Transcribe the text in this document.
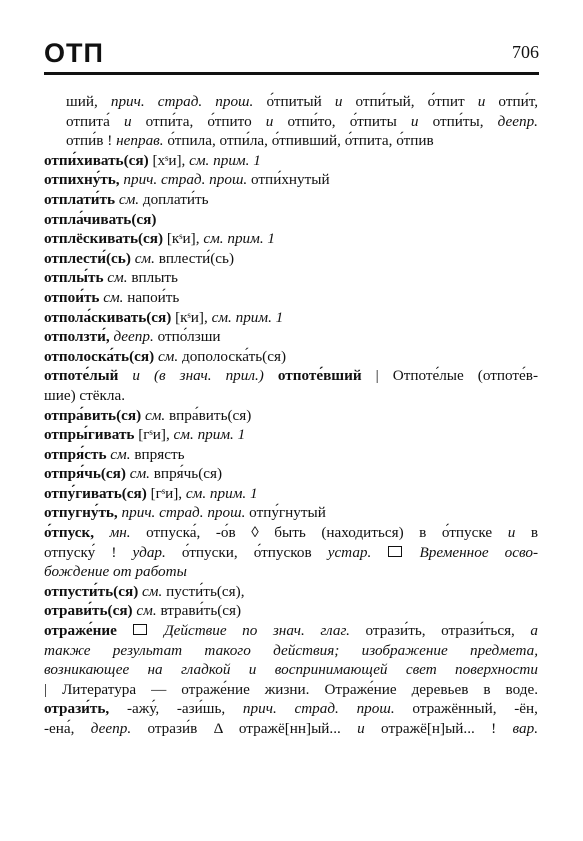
ОТП	706
ший, прич. страд. прош. о́тпитый и отпи́тый, о́тпит и отпи́т,
отпита́ и отпи́та, о́тпито и отпи́то, о́тпиты и отпи́ты, деепр.
отпи́в ! неправ. о́тпила, отпи́ла, о́тпивший, о́тпита, о́тпив
отпи́хивать(ся) [хˢи], см. прим. 1
отпихну́ть, прич. страд. прош. отпи́хнутый
отплати́ть см. доплати́ть
отпла́чивать(ся)
отплёскивать(ся) [кˢи], см. прим. 1
отплести́(сь) см. вплести́(сь)
отплы́ть см. вплыть
отпои́ть см. напои́ть
отпола́скивать(ся) [кˢи], см. прим. 1
отползти́, деепр. отпо́лзши
отполоска́ть(ся) см. дополоска́ть(ся)
отпоте́лый и (в знач. прил.) отпоте́вший | Отпоте́лые (отпоте́в-
шие) стёкла.
отпра́вить(ся) см. впра́вить(ся)
отпры́гивать [гˢи], см. прим. 1
отпря́сть см. впрясть
отпря́чь(ся) см. впря́чь(ся)
отпу́гивать(ся) [гˢи], см. прим. 1
отпугну́ть, прич. страд. прош. отпу́гнутый
о́тпуск, мн. отпуска́, -о́в ◊ быть (находиться) в о́тпуске и в
отпуску́ ! удар. о́тпуски, о́тпусков устар.	Временное осво-
бождение от работы
отпусти́ть(ся) см. пусти́ть(ся),
отрави́ть(ся) см. втрави́ть(ся)
отраже́ние	Действие по знач. глаг. отрази́ть, отрази́ться, а
также результат такого действия; изображение предмета,
возникающее на гладкой и воспринимающей свет поверхности
| Литература — отраже́ние жизни. Отраже́ние деревьев в воде.
отрази́ть, -ажу́, -ази́шь, прич. страд. прош. отражённый, -ён,
-ена́, деепр. отрази́в Δ отражё[нн]ый... и отражё[н]ый... ! вар.
